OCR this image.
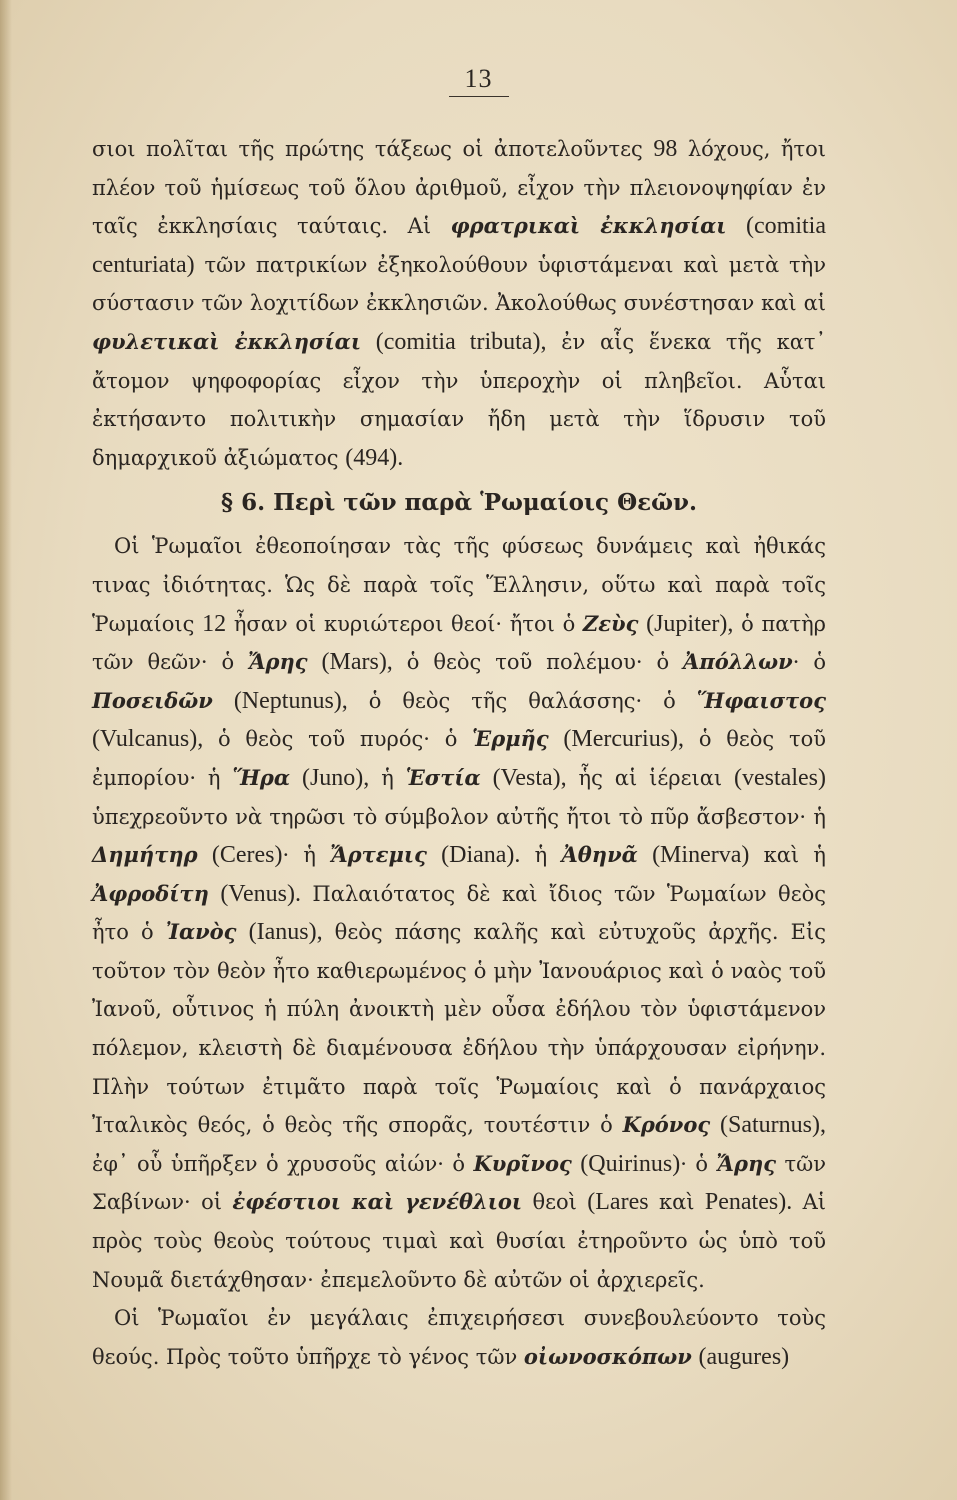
13

σιοι πολῖται τῆς πρώτης τάξεως οἱ ἀποτελοῦντες 98 λόχους, ἤτοι πλέον τοῦ ἡμίσεως τοῦ ὅλου ἀριθμοῦ, εἶχον τὴν πλειονοψηφίαν ἐν ταῖς ἐκκλησίαις ταύταις. Αἱ φρατρικαὶ ἐκκλησίαι (comitia centuriata) τῶν πατρικίων ἐξηκολούθουν ὑφιστάμεναι καὶ μετὰ τὴν σύστασιν τῶν λοχιτίδων ἐκκλησιῶν. Ἀκολούθως συνέστησαν καὶ αἱ φυλετικαὶ ἐκκλησίαι (comitia tributa), ἐν αἷς ἕνεκα τῆς κατ᾽ ἄτομον ψηφοφορίας εἶχον τὴν ὑπεροχὴν οἱ πληβεῖοι. Αὗται ἐκτήσαντο πολιτικὴν σημασίαν ἤδη μετὰ τὴν ἵδρυσιν τοῦ δημαρχικοῦ ἀξιώματος (494).

§ 6. Περὶ τῶν παρὰ Ῥωμαίοις Θεῶν.

Οἱ Ῥωμαῖοι ἐθεοποίησαν τὰς τῆς φύσεως δυνάμεις καὶ ἠθικάς τινας ἰδιότητας. Ὡς δὲ παρὰ τοῖς Ἕλλησιν, οὕτω καὶ παρὰ τοῖς Ῥωμαίοις 12 ἦσαν οἱ κυριώτεροι θεοί· ἤτοι ὁ Ζεὺς (Jupiter), ὁ πατὴρ τῶν θεῶν· ὁ Ἄρης (Mars), ὁ θεὸς τοῦ πολέμου· ὁ Ἀπόλλων· ὁ Ποσειδῶν (Neptunus), ὁ θεὸς τῆς θαλάσσης· ὁ Ἥφαιστος (Vulcanus), ὁ θεὸς τοῦ πυρός· ὁ Ἑρμῆς (Mercurius), ὁ θεὸς τοῦ ἐμπορίου· ἡ Ἥρα (Juno), ἡ Ἑστία (Vesta), ἧς αἱ ἱέρειαι (vestales) ὑπεχρεοῦντο νὰ τηρῶσι τὸ σύμβολον αὐτῆς ἤτοι τὸ πῦρ ἄσβεστον· ἡ Δημήτηρ (Ceres)· ἡ Ἄρτεμις (Diana). ἡ Ἀθηνᾶ (Minerva) καὶ ἡ Ἀφροδίτη (Venus). Παλαιότατος δὲ καὶ ἴδιος τῶν Ῥωμαίων θεὸς ἦτο ὁ Ἰανὸς (Ianus), θεὸς πάσης καλῆς καὶ εὐτυχοῦς ἀρχῆς. Εἰς τοῦτον τὸν θεὸν ἦτο καθιερωμένος ὁ μὴν Ἰανουάριος καὶ ὁ ναὸς τοῦ Ἰανοῦ, οὗτινος ἡ πύλη ἀνοικτὴ μὲν οὖσα ἐδήλου τὸν ὑφιστάμενον πόλεμον, κλειστὴ δὲ διαμένουσα ἐδήλου τὴν ὑπάρχουσαν εἰρήνην. Πλὴν τούτων ἐτιμᾶτο παρὰ τοῖς Ῥωμαίοις καὶ ὁ πανάρχαιος Ἰταλικὸς θεός, ὁ θεὸς τῆς σπορᾶς, τουτέστιν ὁ Κρόνος (Saturnus), ἐφ᾽ οὗ ὑπῆρξεν ὁ χρυσοῦς αἰών· ὁ Κυρῖνος (Quirinus)· ὁ Ἄρης τῶν Σαβίνων· οἱ ἐφέστιοι καὶ γενέθλιοι θεοὶ (Lares καὶ Penates). Αἱ πρὸς τοὺς θεοὺς τούτους τιμαὶ καὶ θυσίαι ἐτηροῦντο ὡς ὑπὸ τοῦ Νουμᾶ διετάχθησαν· ἐπεμελοῦντο δὲ αὐτῶν οἱ ἀρχιερεῖς.

Οἱ Ῥωμαῖοι ἐν μεγάλαις ἐπιχειρήσεσι συνεβουλεύοντο τοὺς θεούς. Πρὸς τοῦτο ὑπῆρχε τὸ γένος τῶν οἰωνοσκόπων (augures)
